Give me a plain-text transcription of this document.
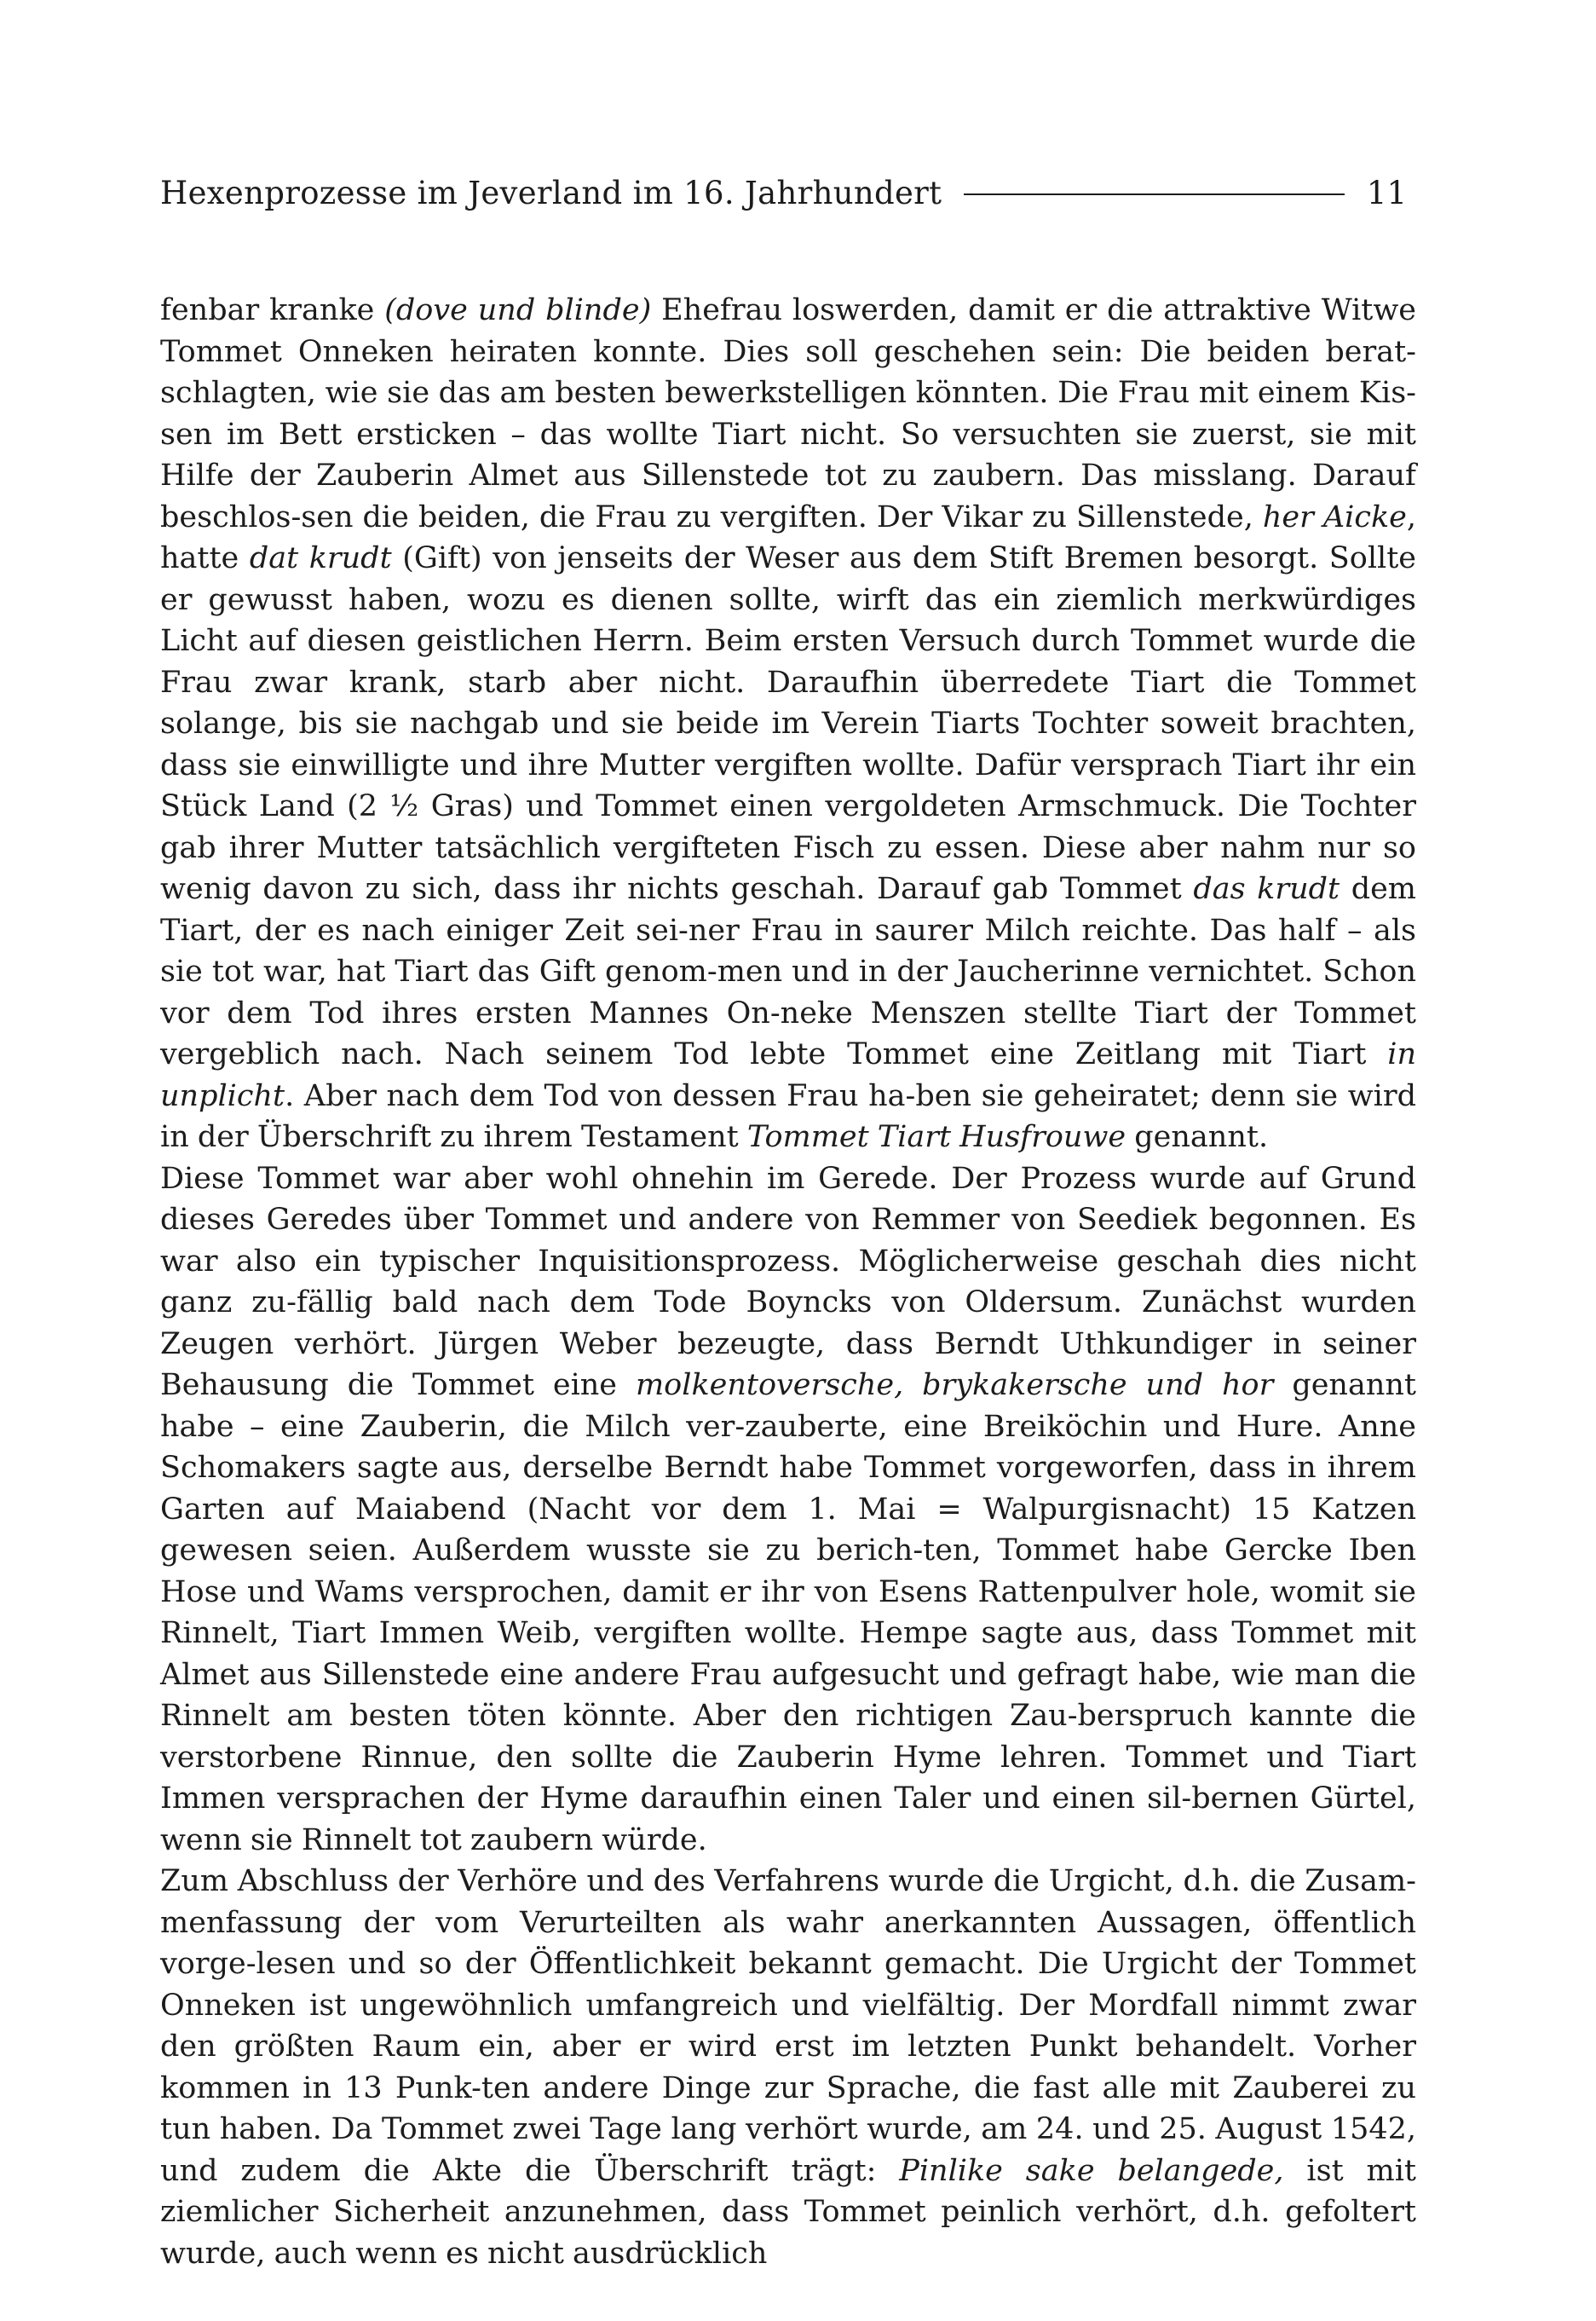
Hexenprozesse im Jeverland im 16. Jahrhundert	11

fenbar kranke (dove und blinde) Ehefrau loswerden, damit er die attraktive Witwe Tommet Onneken heiraten konnte. Dies soll geschehen sein: Die beiden berat-schlagten, wie sie das am besten bewerkstelligen könnten. Die Frau mit einem Kis-sen im Bett ersticken – das wollte Tiart nicht. So versuchten sie zuerst, sie mit Hilfe der Zauberin Almet aus Sillenstede tot zu zaubern. Das misslang. Darauf beschlos-sen die beiden, die Frau zu vergiften. Der Vikar zu Sillenstede, her Aicke, hatte dat krudt (Gift) von jenseits der Weser aus dem Stift Bremen besorgt. Sollte er gewusst haben, wozu es dienen sollte, wirft das ein ziemlich merkwürdiges Licht auf diesen geistlichen Herrn. Beim ersten Versuch durch Tommet wurde die Frau zwar krank, starb aber nicht. Daraufhin überredete Tiart die Tommet solange, bis sie nachgab und sie beide im Verein Tiarts Tochter soweit brachten, dass sie einwilligte und ihre Mutter vergiften wollte. Dafür versprach Tiart ihr ein Stück Land (2 ½ Gras) und Tommet einen vergoldeten Armschmuck. Die Tochter gab ihrer Mutter tatsächlich vergifteten Fisch zu essen. Diese aber nahm nur so wenig davon zu sich, dass ihr nichts geschah. Darauf gab Tommet das krudt dem Tiart, der es nach einiger Zeit sei-ner Frau in saurer Milch reichte. Das half – als sie tot war, hat Tiart das Gift genom-men und in der Jaucherinne vernichtet. Schon vor dem Tod ihres ersten Mannes On-neke Menszen stellte Tiart der Tommet vergeblich nach. Nach seinem Tod lebte Tommet eine Zeitlang mit Tiart in unplicht. Aber nach dem Tod von dessen Frau ha-ben sie geheiratet; denn sie wird in der Überschrift zu ihrem Testament Tommet Tiart Husfrouwe genannt.

Diese Tommet war aber wohl ohnehin im Gerede. Der Prozess wurde auf Grund dieses Geredes über Tommet und andere von Remmer von Seediek begonnen. Es war also ein typischer Inquisitionsprozess. Möglicherweise geschah dies nicht ganz zu-fällig bald nach dem Tode Boyncks von Oldersum. Zunächst wurden Zeugen verhört. Jürgen Weber bezeugte, dass Berndt Uthkundiger in seiner Behausung die Tommet eine molkentoversche, brykakersche und hor genannt habe – eine Zauberin, die Milch ver-zauberte, eine Breiköchin und Hure. Anne Schomakers sagte aus, derselbe Berndt habe Tommet vorgeworfen, dass in ihrem Garten auf Maiabend (Nacht vor dem 1. Mai = Walpurgisnacht) 15 Katzen gewesen seien. Außerdem wusste sie zu berich-ten, Tommet habe Gercke Iben Hose und Wams versprochen, damit er ihr von Esens Rattenpulver hole, womit sie Rinnelt, Tiart Immen Weib, vergiften wollte. Hempe sagte aus, dass Tommet mit Almet aus Sillenstede eine andere Frau aufgesucht und gefragt habe, wie man die Rinnelt am besten töten könnte. Aber den richtigen Zau-berspruch kannte die verstorbene Rinnue, den sollte die Zauberin Hyme lehren. Tommet und Tiart Immen versprachen der Hyme daraufhin einen Taler und einen sil-bernen Gürtel, wenn sie Rinnelt tot zaubern würde.

Zum Abschluss der Verhöre und des Verfahrens wurde die Urgicht, d.h. die Zusam-menfassung der vom Verurteilten als wahr anerkannten Aussagen, öffentlich vorge-lesen und so der Öffentlichkeit bekannt gemacht. Die Urgicht der Tommet Onneken ist ungewöhnlich umfangreich und vielfältig. Der Mordfall nimmt zwar den größten Raum ein, aber er wird erst im letzten Punkt behandelt. Vorher kommen in 13 Punk-ten andere Dinge zur Sprache, die fast alle mit Zauberei zu tun haben. Da Tommet zwei Tage lang verhört wurde, am 24. und 25. August 1542, und zudem die Akte die Überschrift trägt: Pinlike sake belangede, ist mit ziemlicher Sicherheit anzunehmen, dass Tommet peinlich verhört, d.h. gefoltert wurde, auch wenn es nicht ausdrücklich
